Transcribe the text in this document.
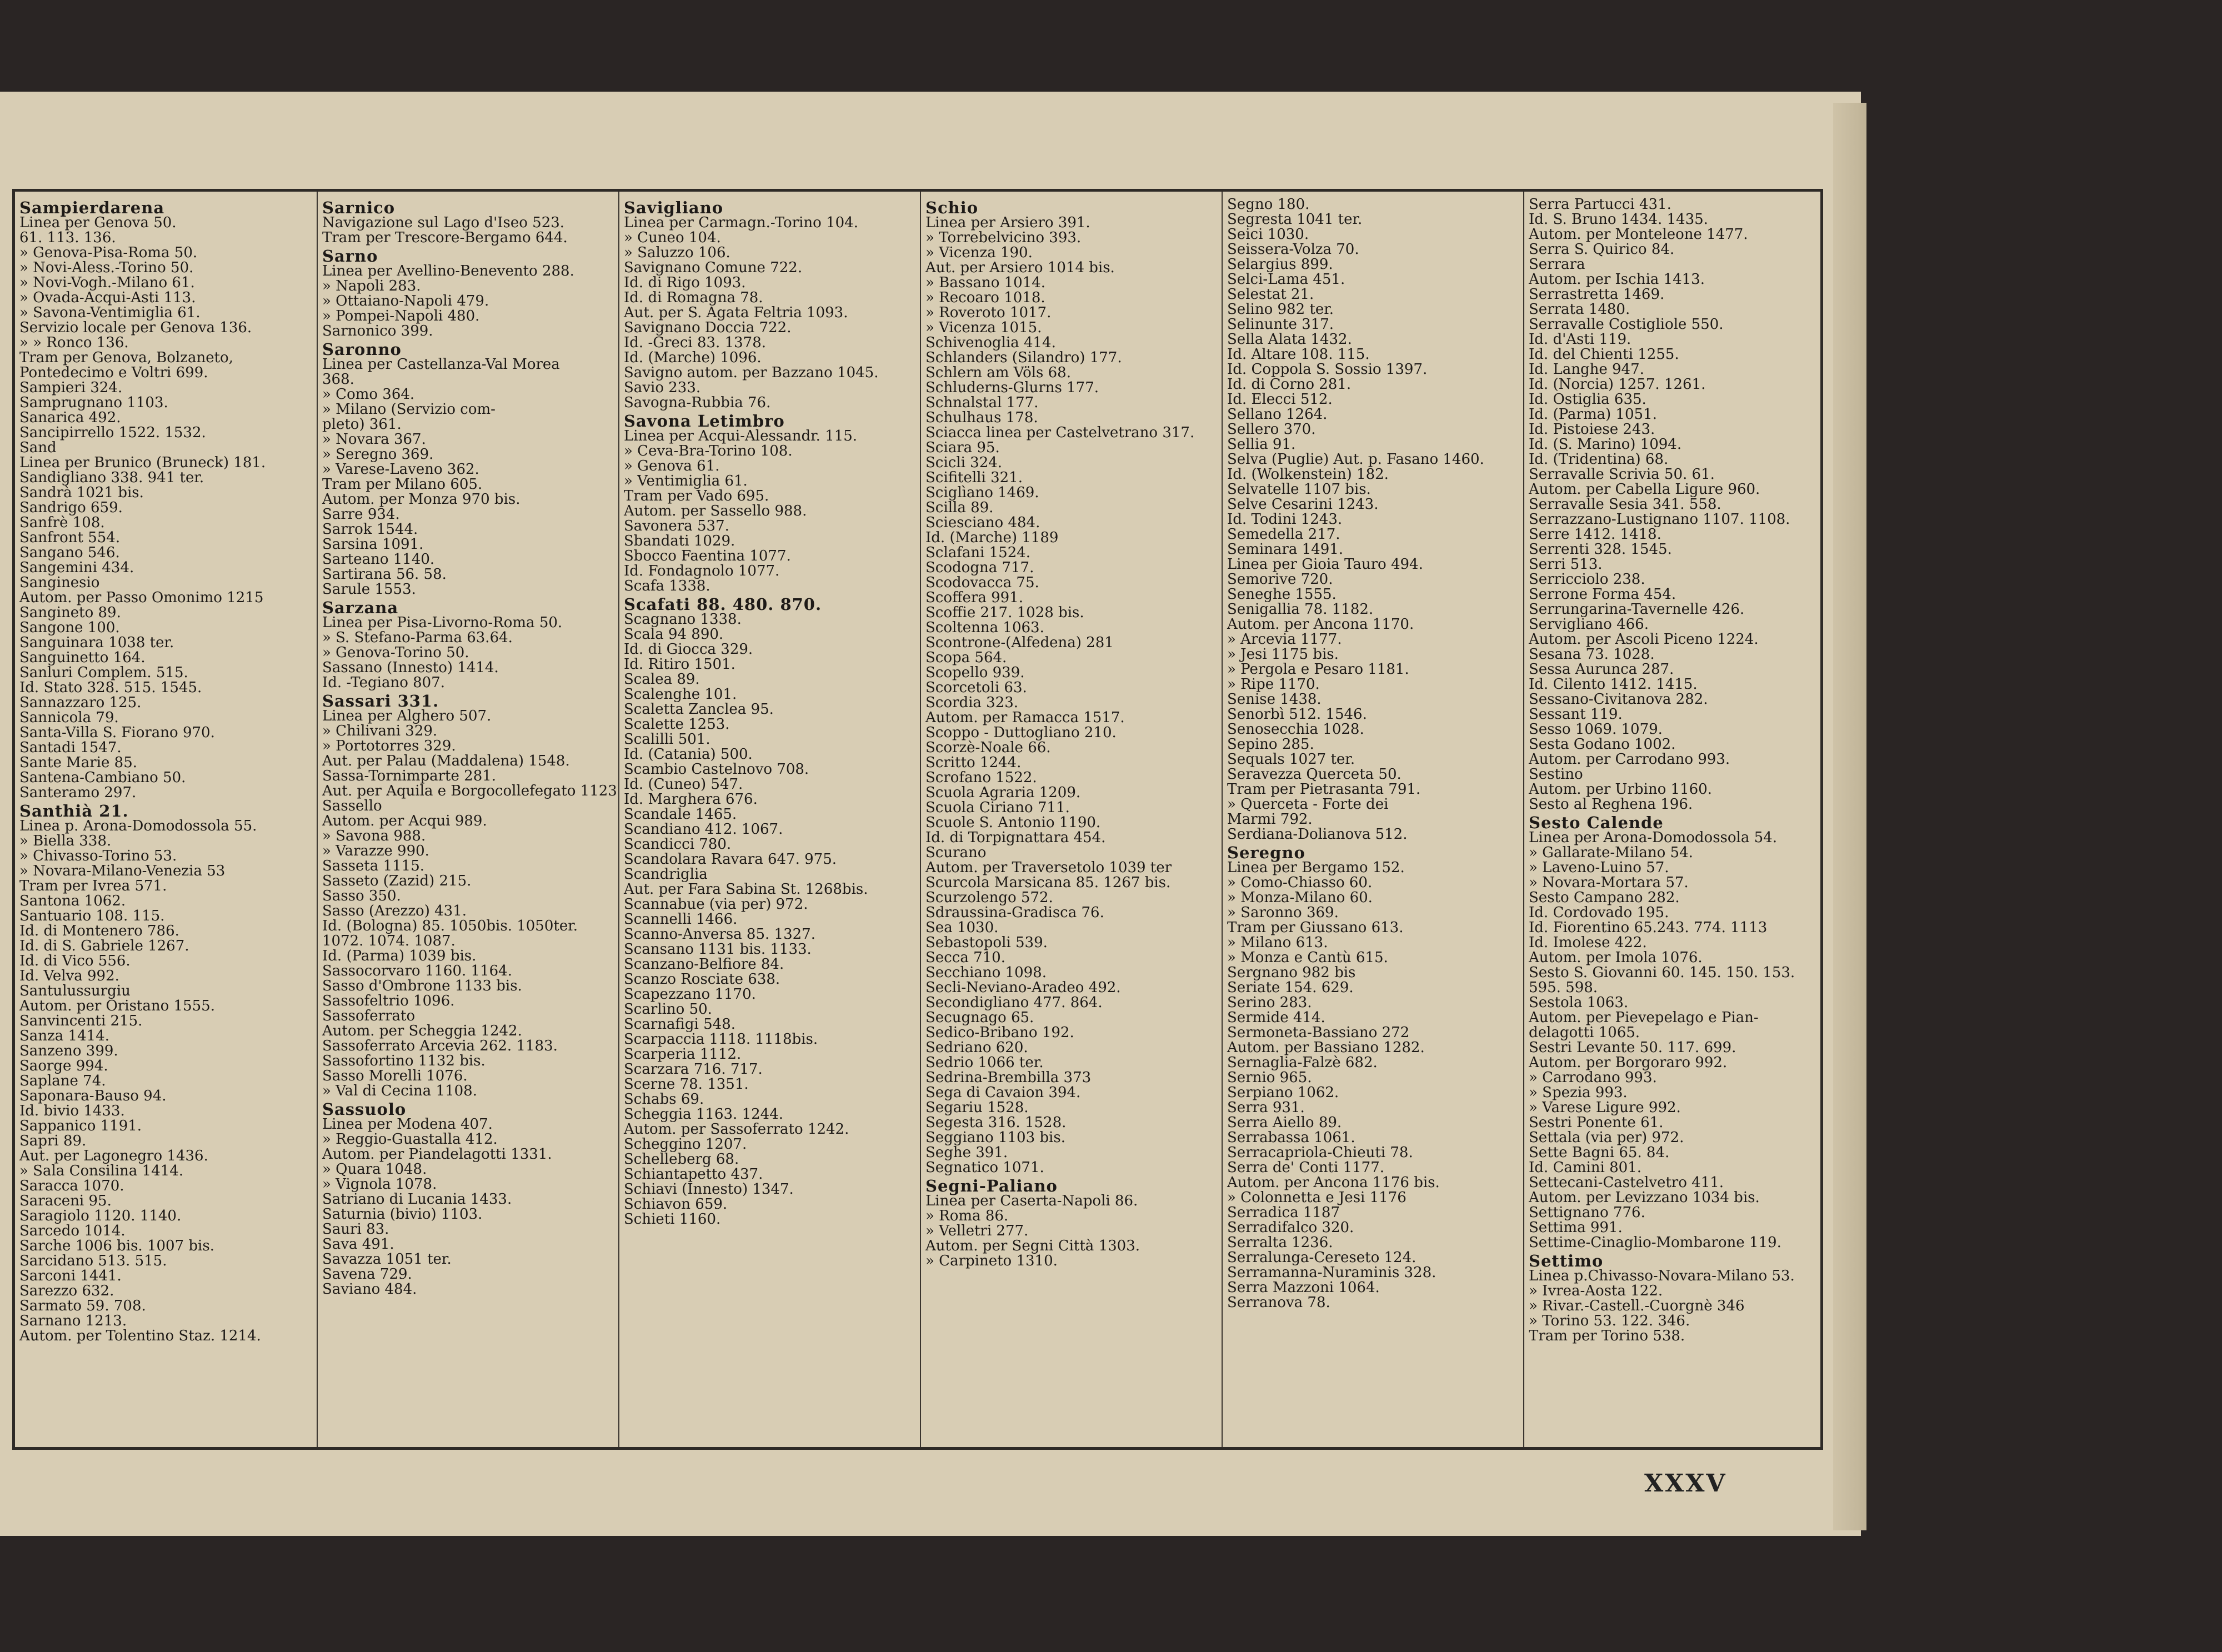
Sampierdarena
Linea per Genova 50.
61. 113. 136.
» Genova-Pisa-Roma 50.
» Novi-Aless.-Torino 50.
» Novi-Vogh.-Milano 61.
» Ovada-Acqui-Asti 113.
» Savona-Ventimiglia 61.
Servizio locale per Genova 136.
» » Ronco 136.
Tram per Genova, Bolzaneto,
Pontedecimo e Voltri 699.
Sampieri 324.
Samprugnano 1103.
Sanarica 492.
Sancipirrello 1522. 1532.
Sand
Linea per Brunico (Bruneck) 181.
Sandigliano 338. 941 ter.
Sandrà 1021 bis.
Sandrigo 659.
Sanfrè 108.
Sanfront 554.
Sangano 546.
Sangemini 434.
Sanginesio
Autom. per Passo Omonimo 1215
Sangineto 89.
Sangone 100.
Sanguinara 1038 ter.
Sanguinetto 164.
Sanluri Complem. 515.
Id. Stato 328. 515. 1545.
Sannazzaro 125.
Sannicola 79.
Santa-Villa S. Fiorano 970.
Santadi 1547.
Sante Marie 85.
Santena-Cambiano 50.
Santeramo 297.
Santhià 21.
Linea p. Arona-Domodossola 55.
» Biella 338.
» Chivasso-Torino 53.
» Novara-Milano-Venezia 53
Tram per Ivrea 571.
Santona 1062.
Santuario 108. 115.
Id. di Montenero 786.
Id. di S. Gabriele 1267.
Id. di Vico 556.
Id. Velva 992.
Santulussurgiu
Autom. per Oristano 1555.
Sanvincenti 215.
Sanza 1414.
Sanzeno 399.
Saorge 994.
Saplane 74.
Saponara-Bauso 94.
Id. bivio 1433.
Sappanico 1191.
Sapri 89.
Aut. per Lagonegro 1436.
» Sala Consilina 1414.
Saracca 1070.
Saraceni 95.
Saragiolo 1120. 1140.
Sarcedo 1014.
Sarche 1006 bis. 1007 bis.
Sarcidano 513. 515.
Sarconi 1441.
Sarezzo 632.
Sarmato 59. 708.
Sarnano 1213.
Autom. per Tolentino Staz. 1214.
Sarnico
Navigazione sul Lago d'Iseo 523.
Tram per Trescore-Bergamo 644.
Sarno
Linea per Avellino-Benevento 288.
» Napoli 283.
» Ottaiano-Napoli 479.
» Pompei-Napoli 480.
Sarnonico 399.
Saronno
Linea per Castellanza-Val Morea
368.
» Como 364.
» Milano (Servizio com-
pleto) 361.
» Novara 367.
» Seregno 369.
» Varese-Laveno 362.
Tram per Milano 605.
Autom. per Monza 970 bis.
Sarre 934.
Sarrok 1544.
Sarsina 1091.
Sarteano 1140.
Sartirana 56. 58.
Sarule 1553.
Sarzana
Linea per Pisa-Livorno-Roma 50.
» S. Stefano-Parma 63.64.
» Genova-Torino 50.
Sassano (Innesto) 1414.
Id. -Tegiano 807.
Sassari 331.
Linea per Alghero 507.
» Chilivani 329.
» Portotorres 329.
Aut. per Palau (Maddalena) 1548.
Sassa-Tornimparte 281.
Aut. per Aquila e Borgocollefegato 1123
Sassello
Autom. per Acqui 989.
» Savona 988.
» Varazze 990.
Sasseta 1115.
Sasseto (Zazid) 215.
Sasso 350.
Sasso (Arezzo) 431.
Id. (Bologna) 85. 1050bis. 1050ter.
1072. 1074. 1087.
Id. (Parma) 1039 bis.
Sassocorvaro 1160. 1164.
Sasso d'Ombrone 1133 bis.
Sassofeltrio 1096.
Sassoferrato
Autom. per Scheggia 1242.
Sassoferrato Arcevia 262. 1183.
Sassofortino 1132 bis.
Sasso Morelli 1076.
» Val di Cecina 1108.
Sassuolo
Linea per Modena 407.
» Reggio-Guastalla 412.
Autom. per Piandelagotti 1331.
» Quara 1048.
» Vignola 1078.
Satriano di Lucania 1433.
Saturnia (bivio) 1103.
Sauri 83.
Sava 491.
Savazza 1051 ter.
Savena 729.
Saviano 484.
Savigliano
Linea per Carmagn.-Torino 104.
» Cuneo 104.
» Saluzzo 106.
Savignano Comune 722.
Id. di Rigo 1093.
Id. di Romagna 78.
Aut. per S. Agata Feltria 1093.
Savignano Doccia 722.
Id. -Greci 83. 1378.
Id. (Marche) 1096.
Savigno autom. per Bazzano 1045.
Savio 233.
Savogna-Rubbia 76.
Savona Letimbro
Linea per Acqui-Alessandr. 115.
» Ceva-Bra-Torino 108.
» Genova 61.
» Ventimiglia 61.
Tram per Vado 695.
Autom. per Sassello 988.
Savonera 537.
Sbandati 1029.
Sbocco Faentina 1077.
Id. Fondagnolo 1077.
Scafa 1338.
Scafati 88. 480. 870.
Scagnano 1338.
Scala 94 890.
Id. di Giocca 329.
Id. Ritiro 1501.
Scalea 89.
Scalenghe 101.
Scaletta Zanclea 95.
Scalette 1253.
Scalilli 501.
Id. (Catania) 500.
Scambio Castelnovo 708.
Id. (Cuneo) 547.
Id. Marghera 676.
Scandale 1465.
Scandiano 412. 1067.
Scandicci 780.
Scandolara Ravara 647. 975.
Scandriglia
Aut. per Fara Sabina St. 1268bis.
Scannabue (via per) 972.
Scannelli 1466.
Scanno-Anversa 85. 1327.
Scansano 1131 bis. 1133.
Scanzano-Belfiore 84.
Scanzo Rosciate 638.
Scapezzano 1170.
Scarlino 50.
Scarnafigi 548.
Scarpaccia 1118. 1118bis.
Scarperia 1112.
Scarzara 716. 717.
Scerne 78. 1351.
Schabs 69.
Scheggia 1163. 1244.
Autom. per Sassoferrato 1242.
Scheggino 1207.
Schelleberg 68.
Schiantapetto 437.
Schiavi (Innesto) 1347.
Schiavon 659.
Schieti 1160.
Schio
Linea per Arsiero 391.
» Torrebelvicino 393.
» Vicenza 190.
Aut. per Arsiero 1014 bis.
» Bassano 1014.
» Recoaro 1018.
» Roveroto 1017.
» Vicenza 1015.
Schivenoglia 414.
Schlanders (Silandro) 177.
Schlern am Völs 68.
Schluderns-Glurns 177.
Schnalstal 177.
Schulhaus 178.
Sciacca linea per Castelvetrano 317.
Sciara 95.
Scicli 324.
Scifitelli 321.
Sciglìano 1469.
Scilla 89.
Sciesciano 484.
Id. (Marche) 1189
Sclafani 1524.
Scodogna 717.
Scodovacca 75.
Scoffera 991.
Scoffie 217. 1028 bis.
Scoltenna 1063.
Scontrone-(Alfedena) 281
Scopa 564.
Scopello 939.
Scorcetoli 63.
Scordia 323.
Autom. per Ramacca 1517.
Scoppo - Duttogliano 210.
Scorzè-Noale 66.
Scritto 1244.
Scrofano 1522.
Scuola Agraria 1209.
Scuola Ciriano 711.
Scuole S. Antonio 1190.
Id. di Torpignattara 454.
Scurano
Autom. per Traversetolo 1039 ter
Scurcola Marsicana 85. 1267 bis.
Scurzolengo 572.
Sdraussina-Gradisca 76.
Sea 1030.
Sebastopoli 539.
Secca 710.
Secchiano 1098.
Secli-Neviano-Aradeo 492.
Secondigliano 477. 864.
Secugnago 65.
Sedico-Bribano 192.
Sedriano 620.
Sedrio 1066 ter.
Sedrina-Brembilla 373
Sega di Cavaion 394.
Segariu 1528.
Segesta 316. 1528.
Seggiano 1103 bis.
Seghe 391.
Segnatico 1071.
Segni-Paliano
Linea per Caserta-Napoli 86.
» Roma 86.
» Velletri 277.
Autom. per Segni Città 1303.
» Carpineto 1310.
Segno 180.
Segresta 1041 ter.
Seici 1030.
Seissera-Volza 70.
Selargius 899.
Selci-Lama 451.
Selestat 21.
Selino 982 ter.
Selinunte 317.
Sella Alata 1432.
Id. Altare 108. 115.
Id. Coppola S. Sossio 1397.
Id. di Corno 281.
Id. Elecci 512.
Sellano 1264.
Sellero 370.
Sellia 91.
Selva (Puglie) Aut. p. Fasano 1460.
Id. (Wolkenstein) 182.
Selvatelle 1107 bis.
Selve Cesarini 1243.
Id. Todini 1243.
Semedella 217.
Seminara 1491.
Linea per Gioia Tauro 494.
Semorive 720.
Seneghe 1555.
Senigallia 78. 1182.
Autom. per Ancona 1170.
» Arcevia 1177.
» Jesi 1175 bis.
» Pergola e Pesaro 1181.
» Ripe 1170.
Senise 1438.
Senorbì 512. 1546.
Senosecchia 1028.
Sepino 285.
Sequals 1027 ter.
Seravezza Querceta 50.
Tram per Pietrasanta 791.
» Querceta - Forte dei
Marmi 792.
Serdiana-Dolianova 512.
Seregno
Linea per Bergamo 152.
» Como-Chiasso 60.
» Monza-Milano 60.
» Saronno 369.
Tram per Giussano 613.
» Milano 613.
» Monza e Cantù 615.
Sergnano 982 bis
Seriate 154. 629.
Serino 283.
Sermide 414.
Sermoneta-Bassiano 272
Autom. per Bassiano 1282.
Sernaglia-Falzè 682.
Sernio 965.
Serpiano 1062.
Serra 931.
Serra Aiello 89.
Serrabassa 1061.
Serracapriola-Chieuti 78.
Serra de' Conti 1177.
Autom. per Ancona 1176 bis.
» Colonnetta e Jesi 1176
Serradica 1187
Serradifalco 320.
Serralta 1236.
Serralunga-Cereseto 124.
Serramanna-Nuraminis 328.
Serra Mazzoni 1064.
Serranova 78.
Serra Partucci 431.
Id. S. Bruno 1434. 1435.
Autom. per Monteleone 1477.
Serra S. Quirico 84.
Serrara
Autom. per Ischia 1413.
Serrastretta 1469.
Serrata 1480.
Serravalle Costigliole 550.
Id. d'Asti 119.
Id. del Chienti 1255.
Id. Langhe 947.
Id. (Norcia) 1257. 1261.
Id. Ostiglia 635.
Id. (Parma) 1051.
Id. Pistoiese 243.
Id. (S. Marino) 1094.
Id. (Tridentina) 68.
Serravalle Scrivia 50. 61.
Autom. per Cabella Ligure 960.
Serravalle Sesia 341. 558.
Serrazzano-Lustignano 1107. 1108.
Serre 1412. 1418.
Serrenti 328. 1545.
Serri 513.
Serricciolo 238.
Serrone Forma 454.
Serrungarina-Tavernelle 426.
Servigliano 466.
Autom. per Ascoli Piceno 1224.
Sesana 73. 1028.
Sessa Aurunca 287.
Id. Cilento 1412. 1415.
Sessano-Civitanova 282.
Sessant 119.
Sesso 1069. 1079.
Sesta Godano 1002.
Autom. per Carrodano 993.
Sestino
Autom. per Urbino 1160.
Sesto al Reghena 196.
Sesto Calende
Linea per Arona-Domodossola 54.
» Gallarate-Milano 54.
» Laveno-Luino 57.
» Novara-Mortara 57.
Sesto Campano 282.
Id. Cordovado 195.
Id. Fiorentino 65.243. 774. 1113
Id. Imolese 422.
Autom. per Imola 1076.
Sesto S. Giovanni 60. 145. 150. 153.
595. 598.
Sestola 1063.
Autom. per Pievepelago e Pian-
delagotti 1065.
Sestri Levante 50. 117. 699.
Autom. per Borgoraro 992.
» Carrodano 993.
» Spezia 993.
» Varese Ligure 992.
Sestri Ponente 61.
Settala (via per) 972.
Sette Bagni 65. 84.
Id. Camini 801.
Settecani-Castelvetro 411.
Autom. per Levizzano 1034 bis.
Settignano 776.
Settima 991.
Settime-Cinaglio-Mombarone 119.
Settimo
Linea p.Chivasso-Novara-Milano 53.
» Ivrea-Aosta 122.
» Rivar.-Castell.-Cuorgnè 346
» Torino 53. 122. 346.
Tram per Torino 538.
XXXV
